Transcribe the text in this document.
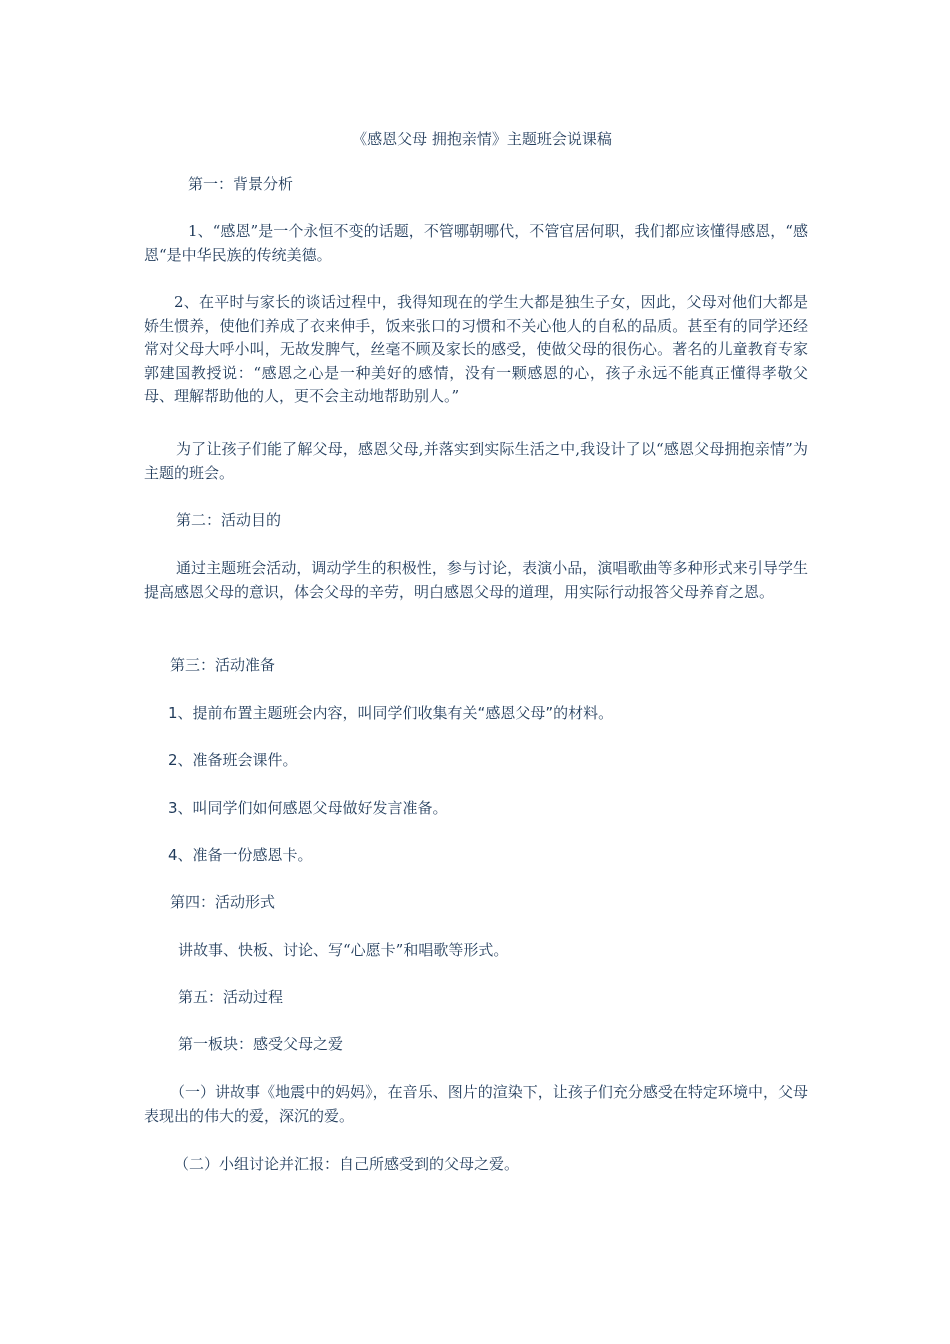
《感恩父母 拥抱亲情》主题班会说课稿

第一：背景分析

1、“感恩”是一个永恒不变的话题，不管哪朝哪代，不管官居何职，我们都应该懂得感恩，“感恩“是中华民族的传统美德。

2、在平时与家长的谈话过程中，我得知现在的学生大都是独生子女，因此，父母对他们大都是娇生惯养，使他们养成了衣来伸手，饭来张口的习惯和不关心他人的自私的品质。甚至有的同学还经常对父母大呼小叫，无故发脾气，丝毫不顾及家长的感受，使做父母的很伤心。著名的儿童教育专家郭建国教授说：“感恩之心是一种美好的感情，没有一颗感恩的心，孩子永远不能真正懂得孝敬父母、理解帮助他的人，更不会主动地帮助别人。”

为了让孩子们能了解父母，感恩父母,并落实到实际生活之中,我设计了以“感恩父母拥抱亲情”为主题的班会。

第二：活动目的

通过主题班会活动，调动学生的积极性，参与讨论，表演小品，演唱歌曲等多种形式来引导学生提高感恩父母的意识，体会父母的辛劳，明白感恩父母的道理，用实际行动报答父母养育之恩。

第三：活动准备

1、提前布置主题班会内容，叫同学们收集有关“感恩父母”的材料。

2、准备班会课件。

3、叫同学们如何感恩父母做好发言准备。

4、准备一份感恩卡。

第四：活动形式

讲故事、快板、讨论、写“心愿卡”和唱歌等形式。

第五：活动过程

第一板块：感受父母之爱

（一）讲故事《地震中的妈妈》，在音乐、图片的渲染下，让孩子们充分感受在特定环境中，父母表现出的伟大的爱，深沉的爱。

（二）小组讨论并汇报：自己所感受到的父母之爱。
